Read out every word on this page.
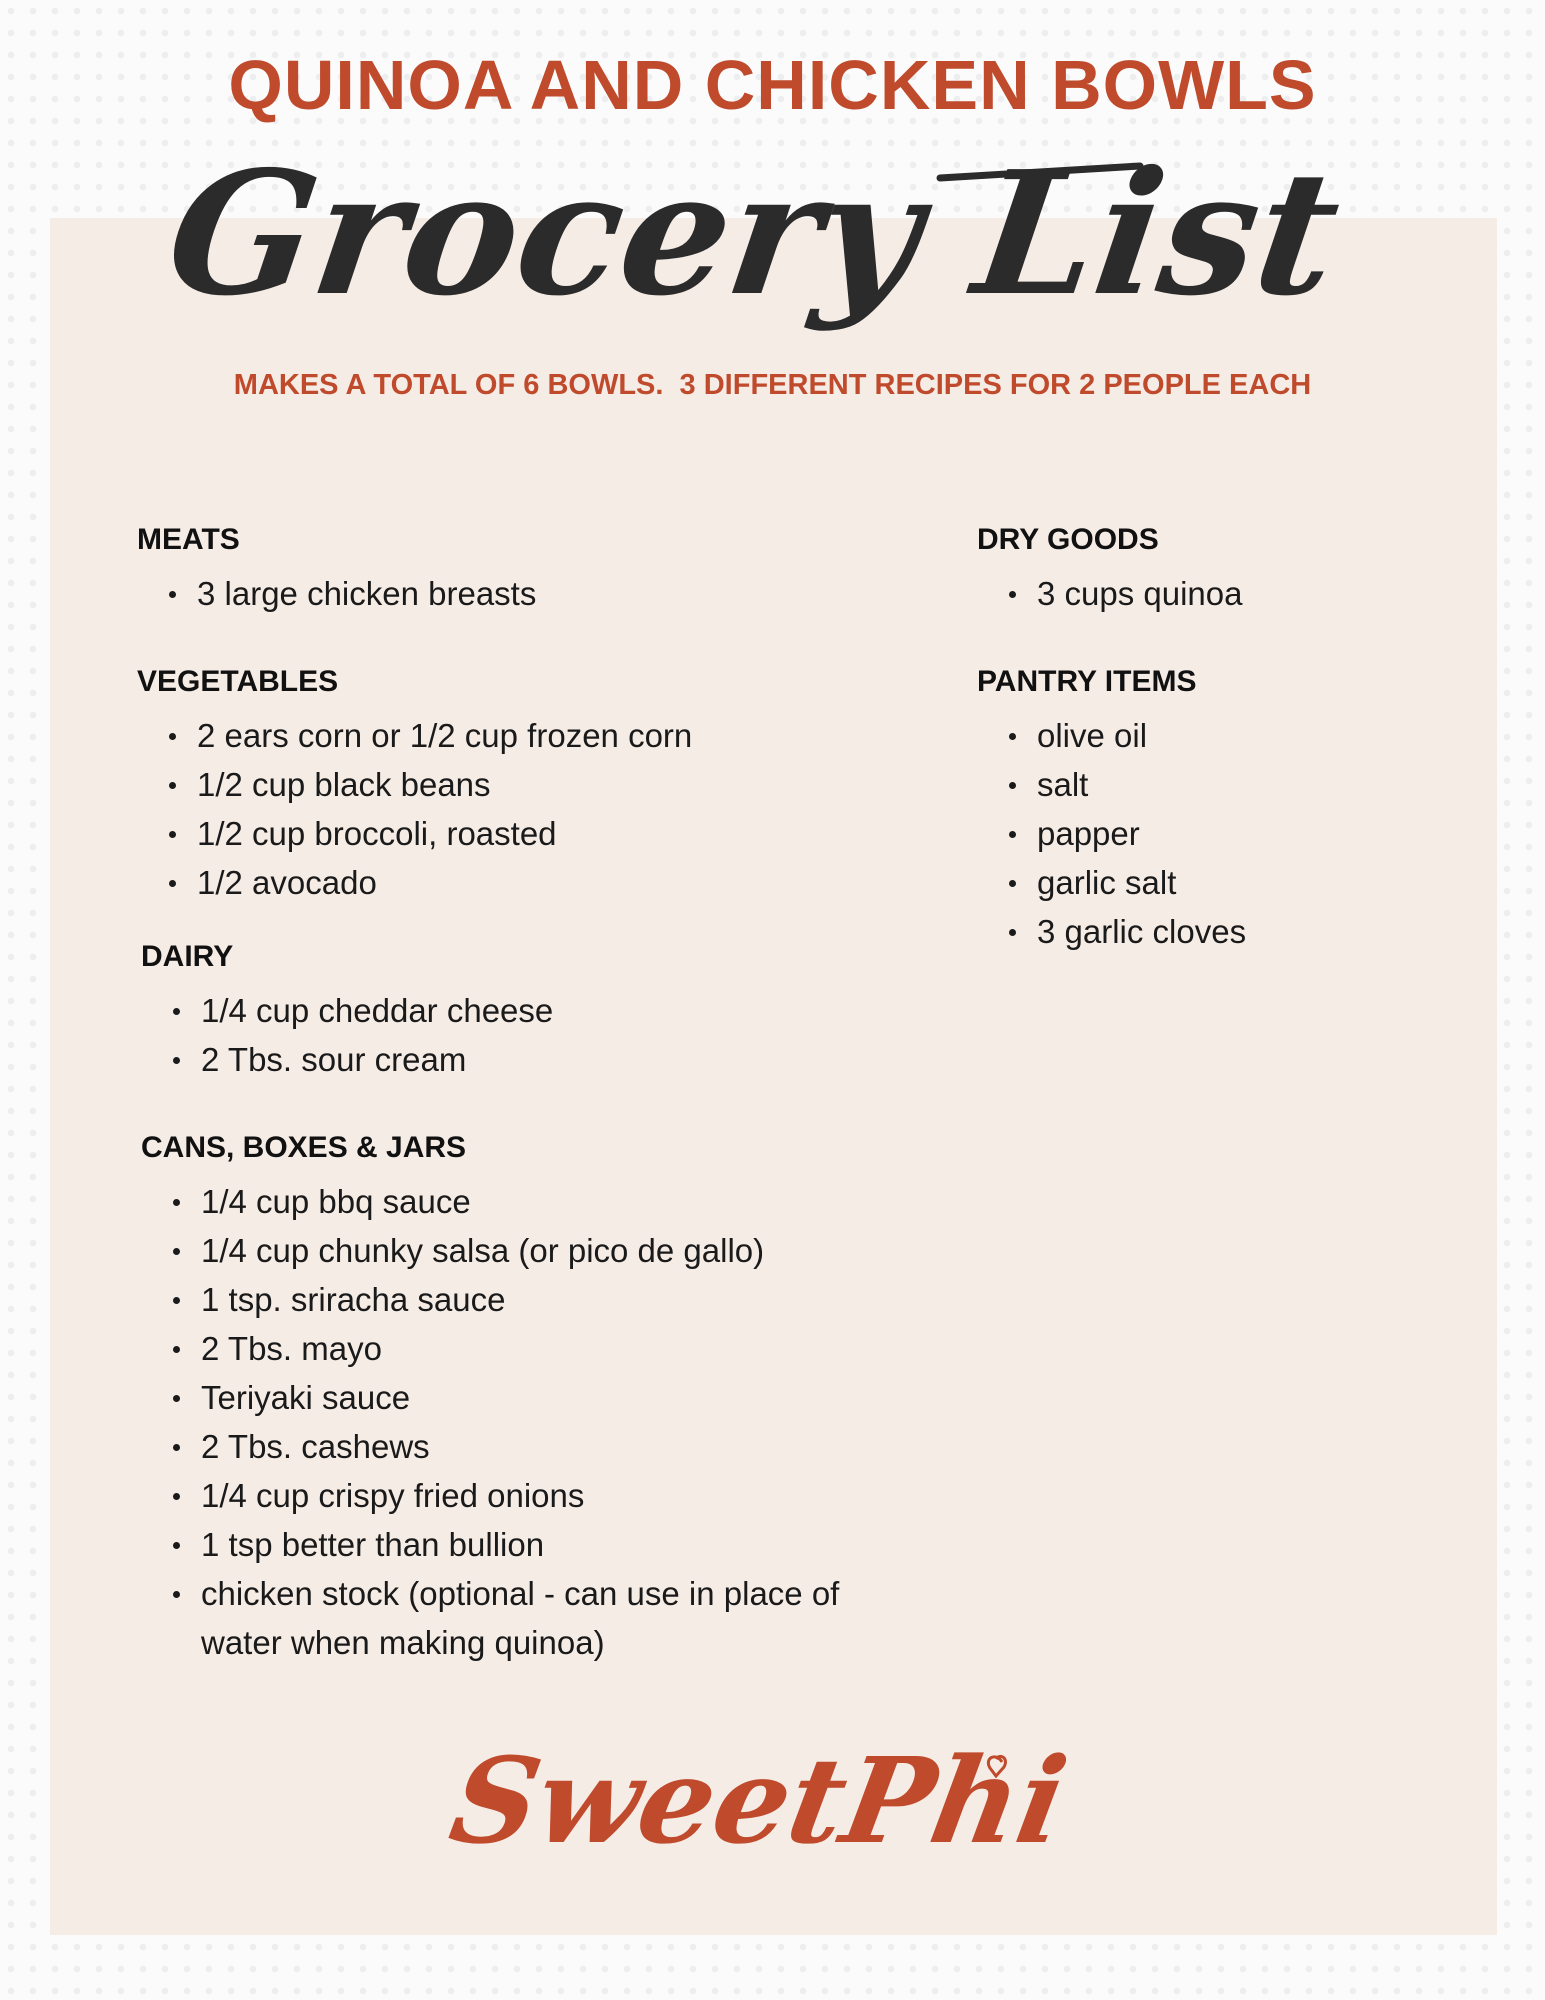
QUINOA AND CHICKEN BOWLS
Grocery List

MAKES A TOTAL OF 6 BOWLS.  3 DIFFERENT RECIPES FOR 2 PEOPLE EACH

MEATS
3 large chicken breasts
VEGETABLES
2 ears corn or 1/2 cup frozen corn
1/2 cup black beans
1/2 cup broccoli, roasted
1/2 avocado
DAIRY
1/4 cup cheddar cheese
2 Tbs. sour cream
CANS, BOXES & JARS
1/4 cup bbq sauce
1/4 cup chunky salsa (or pico de gallo)
1 tsp. sriracha sauce
2 Tbs. mayo
Teriyaki sauce
2 Tbs. cashews
1/4 cup crispy fried onions
1 tsp better than bullion
chicken stock (optional - can use in place of water when making quinoa)
DRY GOODS
3 cups quinoa
PANTRY ITEMS
olive oil
salt
papper
garlic salt
3 garlic cloves
SweetPhi
